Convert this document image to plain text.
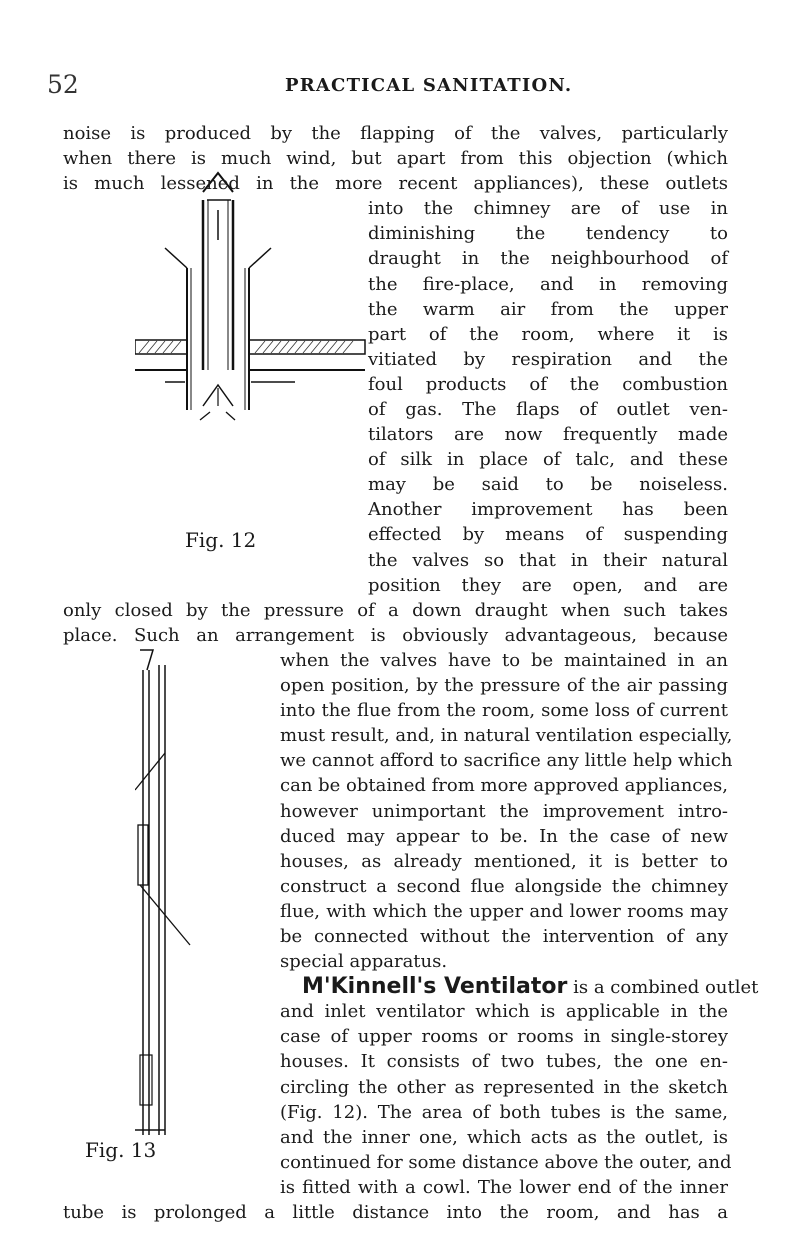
52	PRACTICAL SANITATION.
Fig. 12
Fig. 13
noise is produced by the flapping of the valves, particularly
when there is much wind, but apart from this objection (which
is much lessened in the more recent appliances), these outlets
into the chimney are of use in
diminishing the tendency to
draught in the neighbourhood of
the fire-place, and in removing
the warm air from the upper
part of the room, where it is
vitiated by respiration and the
foul products of the combustion
of gas. The flaps of outlet ven-
tilators are now frequently made
of silk in place of talc, and these
may be said to be noiseless.
Another improvement has been
effected by means of suspending
the valves so that in their natural
position they are open, and are
only closed by the pressure of a down draught when such takes
place. Such an arrangement is obviously advantageous, because
when the valves have to be maintained in an
open position, by the pressure of the air passing
into the flue from the room, some loss of current
must result, and, in natural ventilation especially,
we cannot afford to sacrifice any little help which
can be obtained from more approved appliances,
however unimportant the improvement intro-
duced may appear to be. In the case of new
houses, as already mentioned, it is better to
construct a second flue alongside the chimney
flue, with which the upper and lower rooms may
be connected without the intervention of any
special apparatus.
M'Kinnell's Ventilator is a combined outlet
and inlet ventilator which is applicable in the
case of upper rooms or rooms in single-storey
houses. It consists of two tubes, the one en-
circling the other as represented in the sketch
(Fig. 12). The area of both tubes is the same,
and the inner one, which acts as the outlet, is
continued for some distance above the outer, and
is fitted with a cowl. The lower end of the inner
tube is prolonged a little distance into the room, and has a
